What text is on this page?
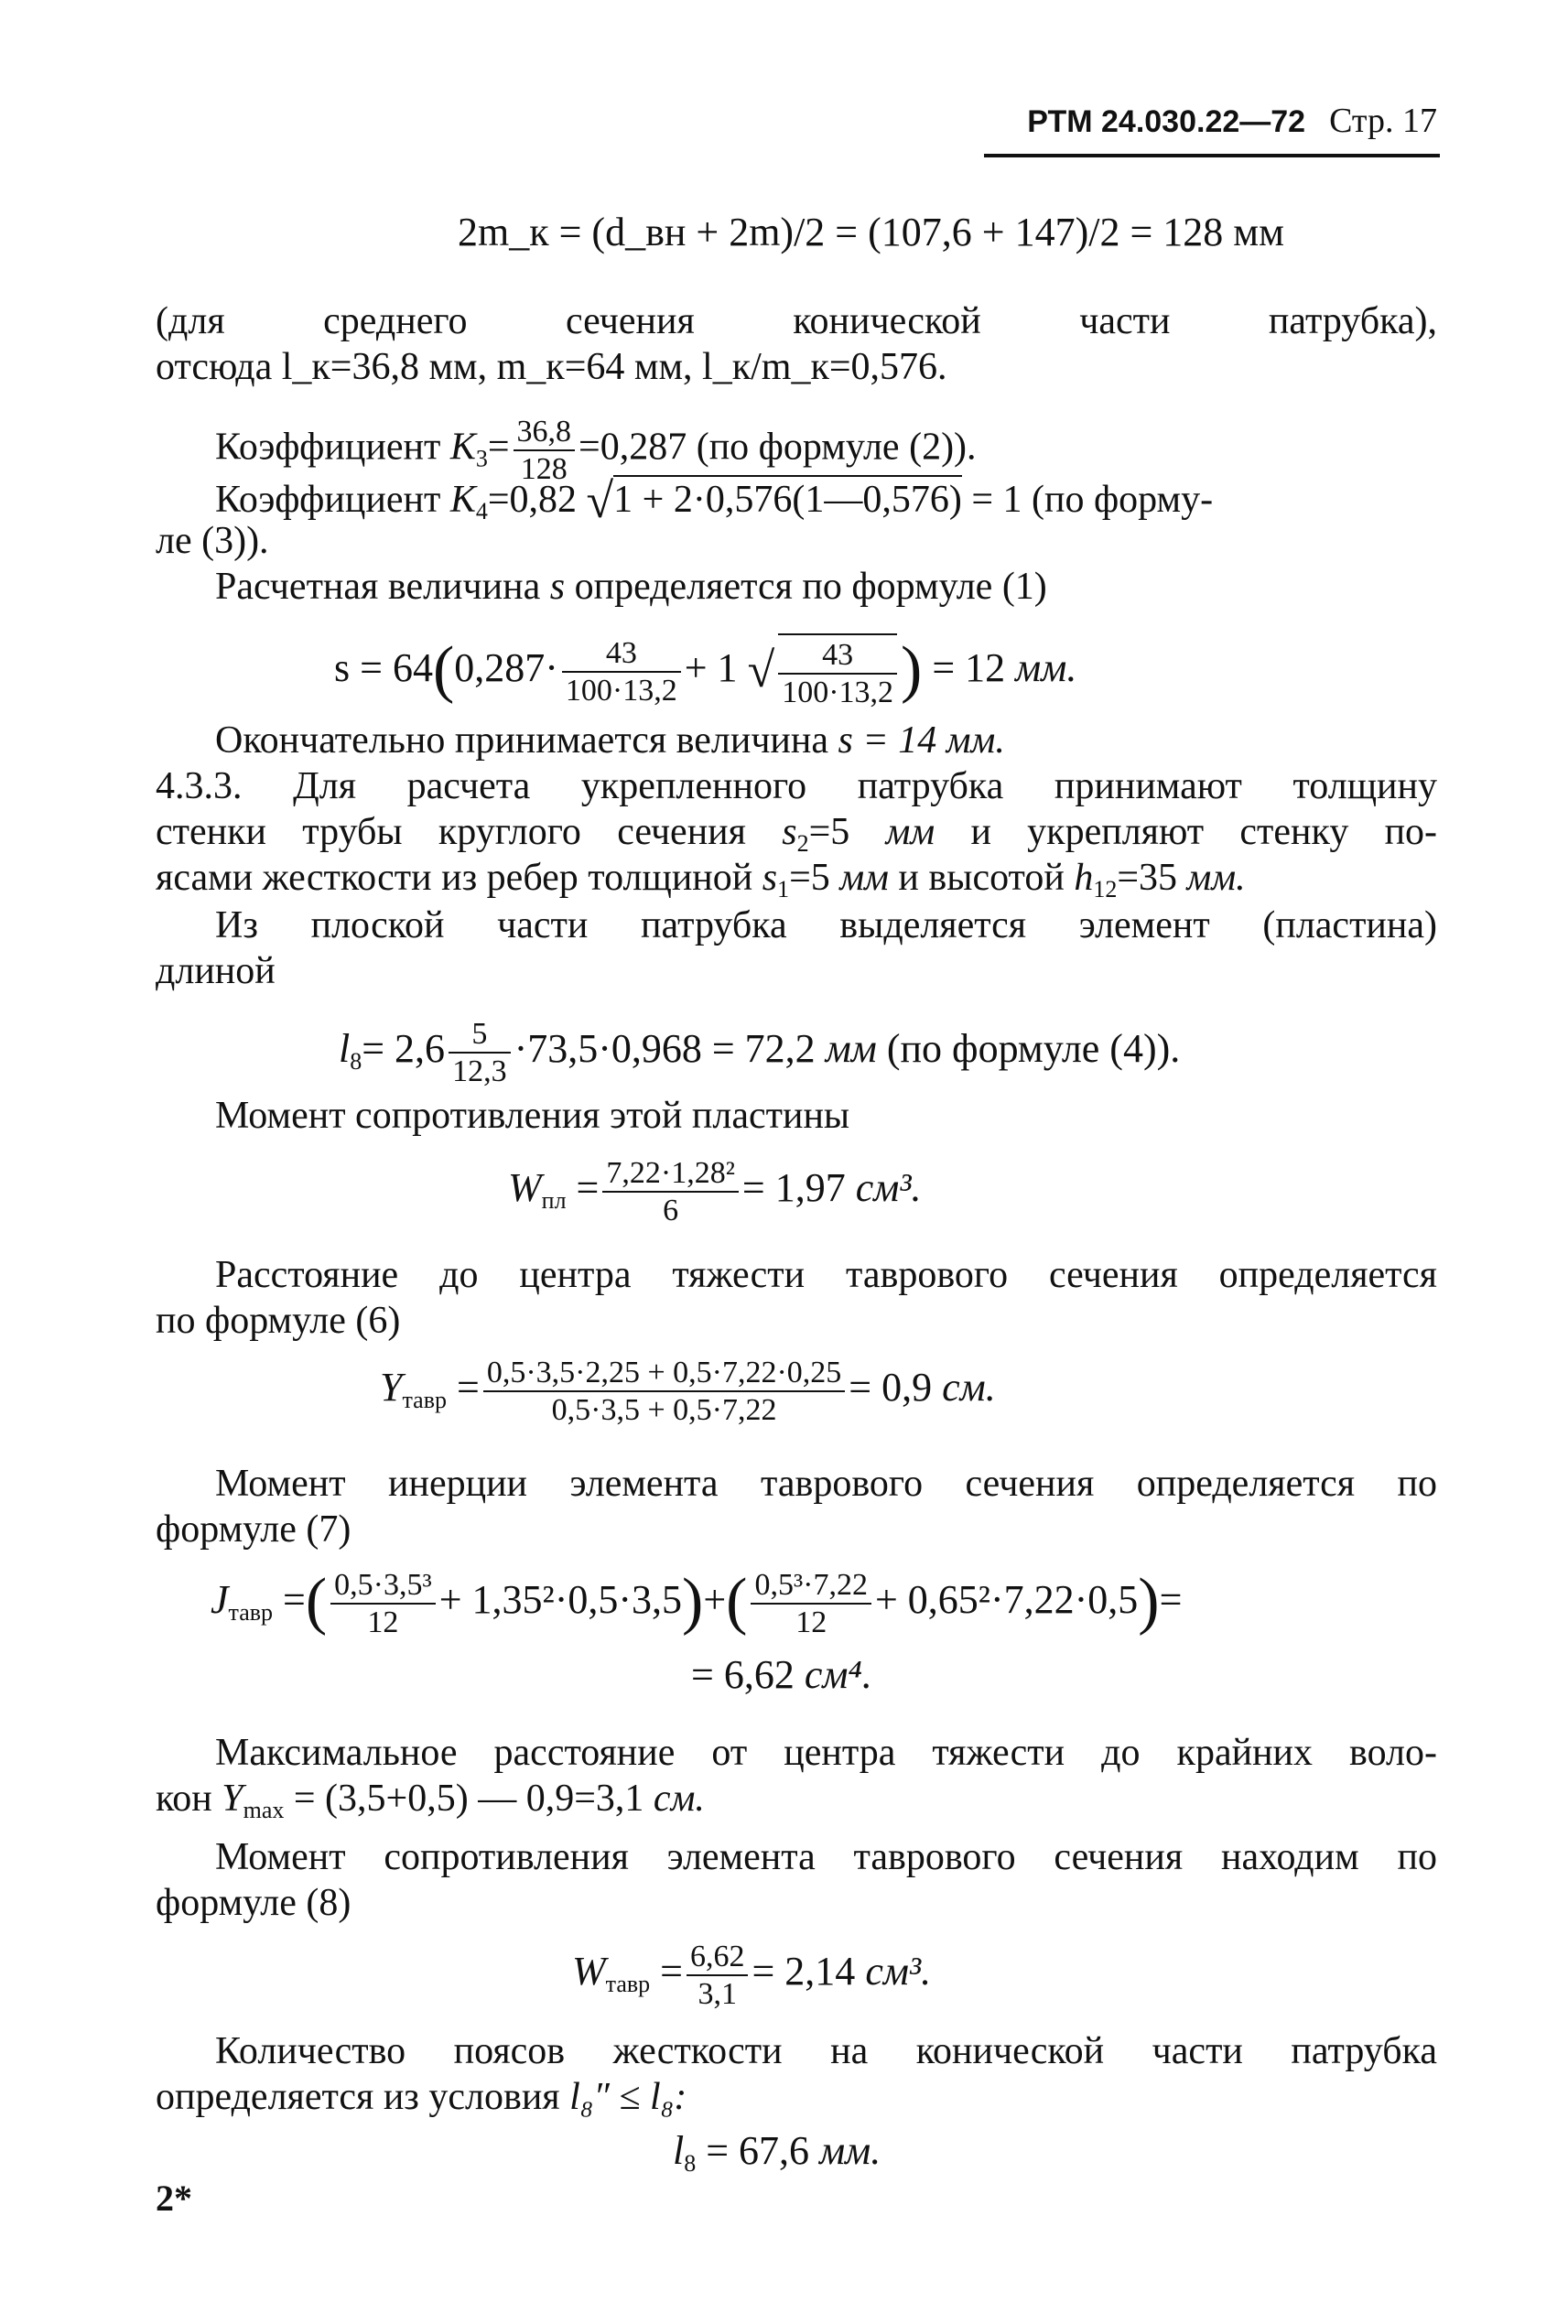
РТМ 24.030.22—72 Стр. 17
2m_к = (d_вн + 2m)/2 = (107,6 + 147)/2 = 128 мм
(для среднего сечения конической части патрубка),
отсюда l_к=36,8 мм, m_к=64 мм, l_к/m_к=0,576.
Коэффициент $K_3= \frac{36,8}{128} =0,287$ (по формуле (2)).
Коэффициент $K_4=0,82$ √1 + 2·0,576(1—0,576) = 1 (по форму-
ле (3)).
Расчетная величина s определяется по формуле (1)
$s = 64(0,287\cdot \frac{43}{100\cdot 13,2} + 1$ √ $\frac{43}{100\cdot 13,2}$ ) = 12 мм.
Окончательно принимается величина s = 14 мм.
4.3.3. Для расчета укрепленного патрубка принимают толщину
стенки трубы круглого сечения $s_2=5$ мм и укрепляют стенку по-
ясами жесткости из ребер толщиной $s_1=5$ мм и высотой $h_{12}=35$ мм.
Из плоской части патрубка выделяется элемент (пластина)
длиной
$l_8= 2,6 \frac{5}{12,3} \cdot 73,5\cdot 0,968 = 72,2$ мм (по формуле (4)).
Момент сопротивления этой пластины
$W_{пл} = \frac{\text{7,22·1,28²}}{6} = 1,97$ см³.
Расстояние до центра тяжести таврового сечения определяется
по формуле (6)
$Y_{тавр} = \frac{0,5\cdot 3,5\cdot 2,25 + 0,5\cdot 7,22\cdot 0,25}{0,5\cdot 3,5 + 0,5\cdot 7,22} = 0,9$ см.
Момент инерции элемента таврового сечения определяется по
формуле (7)
$J_{тавр}$ =( $\frac{\text{0,5·3,5³}}{12} + 1,35^2\cdot 0,5\cdot 3,5)+( \frac{\text{0,5³·7,22}}{12} + 0,65^2\cdot 7,22\cdot 0,5)=$
= 6,62 см⁴.
Максимальное расстояние от центра тяжести до крайних воло-
кон $Y_{max} = (3,5+0,5)$ — 0,9=3,1 см.
Момент сопротивления элемента таврового сечения находим по
формуле (8)
$W_{тавр} = \frac{6,62}{3,1} = 2,14$ см³.
Количество поясов жесткости на конической части патрубка
определяется из условия l₈″ ≤ l₈:
$l_8 = 67,6$ мм.
2*
